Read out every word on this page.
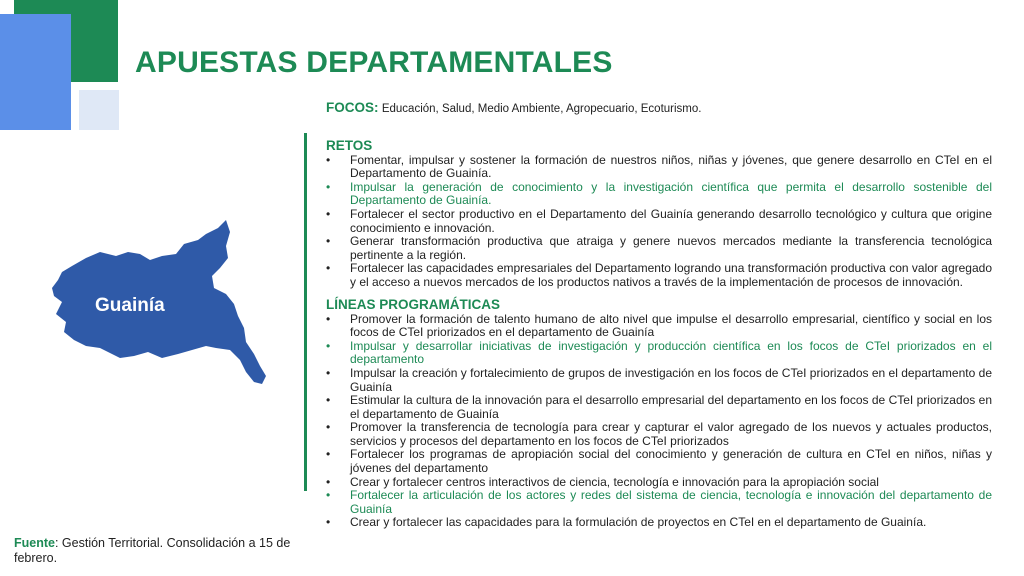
APUESTAS DEPARTAMENTALES
Guainía
FOCOS: Educación, Salud, Medio Ambiente, Agropecuario, Ecoturismo.
RETOS
• Fomentar, impulsar y sostener la formación de nuestros niños, niñas y jóvenes, que genere desarrollo en CTeI en el Departamento de Guainía.
• Impulsar la generación de conocimiento y la investigación científica que permita el desarrollo sostenible del Departamento de Guainía.
• Fortalecer el sector productivo en el Departamento del Guainía generando desarrollo tecnológico y cultura que origine conocimiento e innovación.
• Generar transformación productiva que atraiga y genere nuevos mercados mediante la transferencia tecnológica pertinente a la región.
• Fortalecer las capacidades empresariales del Departamento logrando una transformación productiva con valor agregado y el acceso a nuevos mercados de los productos nativos a través de la implementación de procesos de innovación.
LÍNEAS PROGRAMÁTICAS
• Promover la formación de talento humano de alto nivel que impulse el desarrollo empresarial, científico y social en los focos de CTeI priorizados en el departamento de Guainía
• Impulsar y desarrollar iniciativas de investigación y producción científica en los focos de CTeI priorizados en el departamento
• Impulsar la creación y fortalecimiento de grupos de investigación en los focos de CTeI priorizados en el departamento de Guainía
• Estimular la cultura de la innovación para el desarrollo empresarial del departamento en los focos de CTeI priorizados en el departamento de Guainía
• Promover la transferencia de tecnología para crear y capturar el valor agregado de los nuevos y actuales productos, servicios y procesos del departamento en los focos de CTeI priorizados
• Fortalecer los programas de apropiación social del conocimiento y generación de cultura en CTeI en niños, niñas y jóvenes del departamento
• Crear y fortalecer centros interactivos de ciencia, tecnología e innovación para la apropiación social
• Fortalecer la articulación de los actores y redes del sistema de ciencia, tecnología e innovación del departamento de Guainía
• Crear y fortalecer las capacidades para la formulación de proyectos en CTeI en el departamento de Guainía.
Fuente: Gestión Territorial. Consolidación a 15 de febrero.
